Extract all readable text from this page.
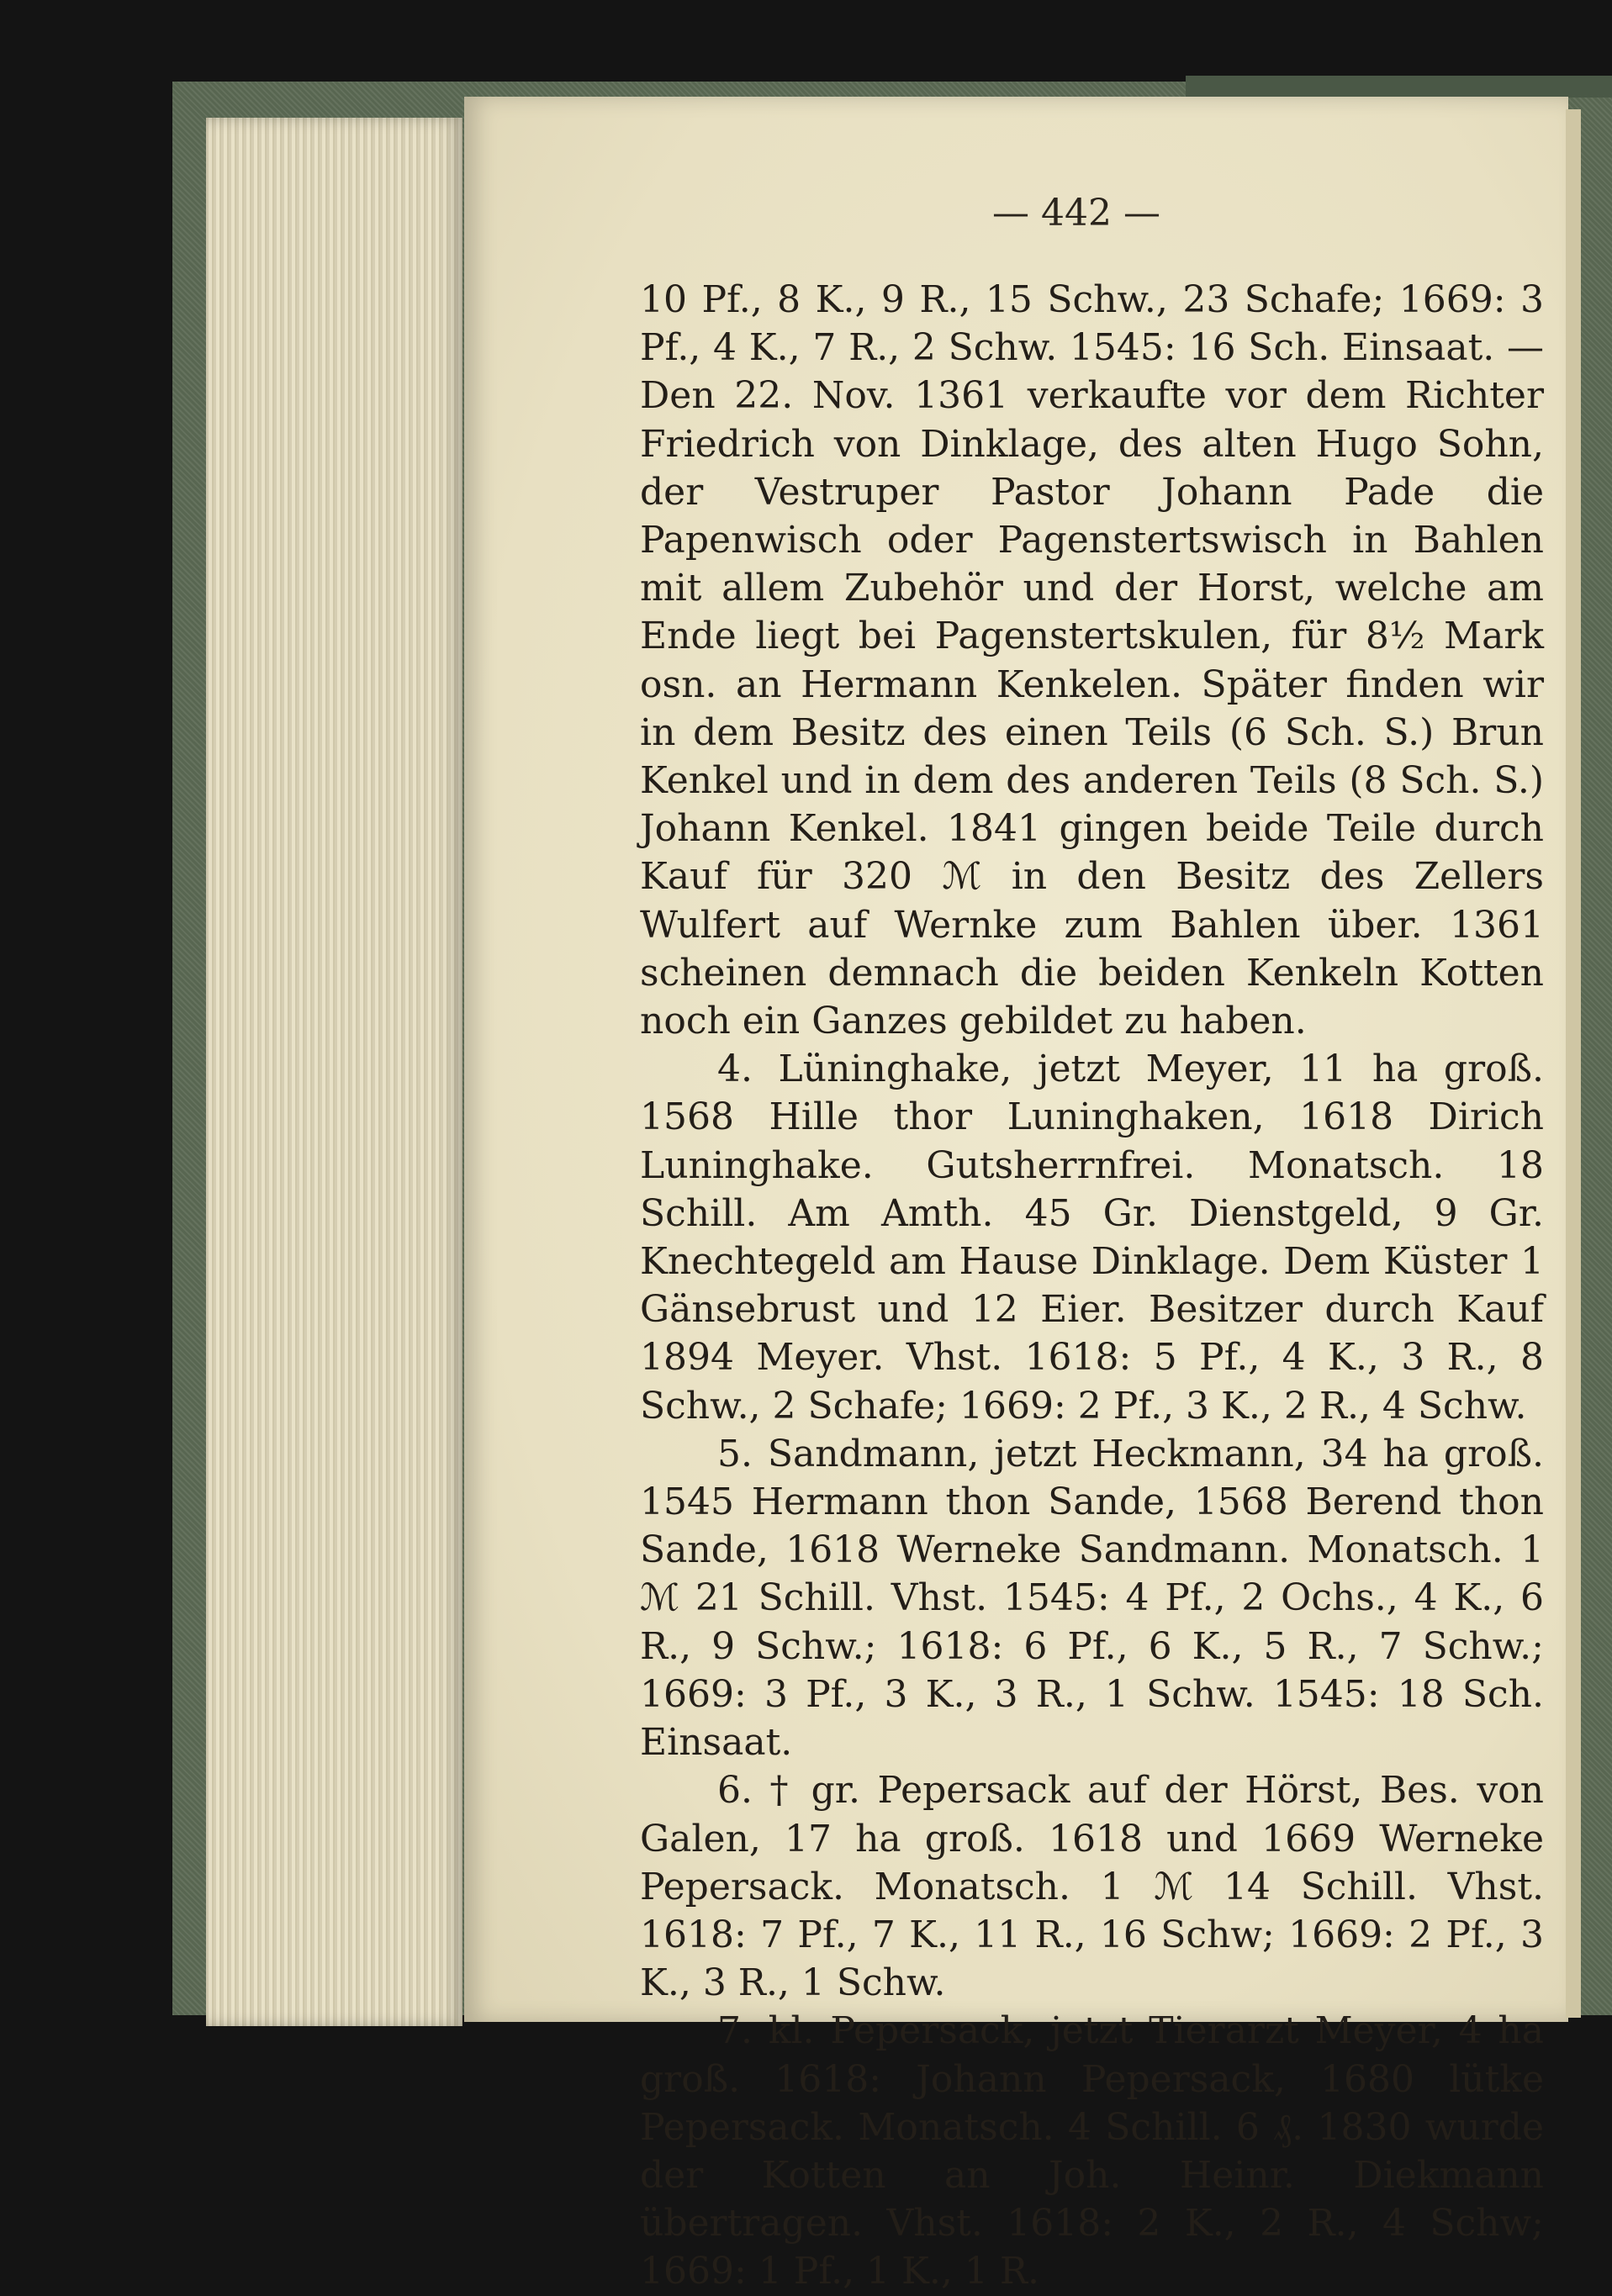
— 442 —

10 Pf., 8 K., 9 R., 15 Schw., 23 Schafe; 1669: 3 Pf., 4 K., 7 R., 2 Schw. 1545: 16 Sch. Einsaat. — Den 22. Nov. 1361 verkaufte vor dem Richter Friedrich von Dinklage, des alten Hugo Sohn, der Vestruper Pastor Johann Pade die Papenwisch oder Pagenstertswisch in Bahlen mit allem Zubehör und der Horst, welche am Ende liegt bei Pagenstertskulen, für 8½ Mark osn. an Hermann Kenkelen. Später finden wir in dem Besitz des einen Teils (6 Sch. S.) Brun Kenkel und in dem des anderen Teils (8 Sch. S.) Johann Kenkel. 1841 gingen beide Teile durch Kauf für 320 ℳ in den Besitz des Zellers Wulfert auf Wernke zum Bahlen über. 1361 scheinen demnach die beiden Kenkeln Kotten noch ein Ganzes gebildet zu haben.

4. Lüninghake, jetzt Meyer, 11 ha groß. 1568 Hille thor Luninghaken, 1618 Dirich Luninghake. Gutsherrnfrei. Monatsch. 18 Schill. Am Amth. 45 Gr. Dienstgeld, 9 Gr. Knechtegeld am Hause Dinklage. Dem Küster 1 Gänsebrust und 12 Eier. Besitzer durch Kauf 1894 Meyer. Vhst. 1618: 5 Pf., 4 K., 3 R., 8 Schw., 2 Schafe; 1669: 2 Pf., 3 K., 2 R., 4 Schw.

5. Sandmann, jetzt Heckmann, 34 ha groß. 1545 Hermann thon Sande, 1568 Berend thon Sande, 1618 Werneke Sandmann. Monatsch. 1 ℳ 21 Schill. Vhst. 1545: 4 Pf., 2 Ochs., 4 K., 6 R., 9 Schw.; 1618: 6 Pf., 6 K., 5 R., 7 Schw.; 1669: 3 Pf., 3 K., 3 R., 1 Schw. 1545: 18 Sch. Einsaat.

6. † gr. Pepersack auf der Hörst, Bes. von Galen, 17 ha groß. 1618 und 1669 Werneke Pepersack. Monatsch. 1 ℳ 14 Schill. Vhst. 1618: 7 Pf., 7 K., 11 R., 16 Schw; 1669: 2 Pf., 3 K., 3 R., 1 Schw.

7. kl. Pepersack, jetzt Tierarzt Meyer, 4 ha groß. 1618: Johann Pepersack, 1680 lütke Pepersack. Monatsch. 4 Schill. 6 ₰. 1830 wurde der Kotten an Joh. Heinr. Diekmann übertragen. Vhst. 1618: 2 K., 2 R., 4 Schw; 1669: 1 Pf., 1 K., 1 R.
